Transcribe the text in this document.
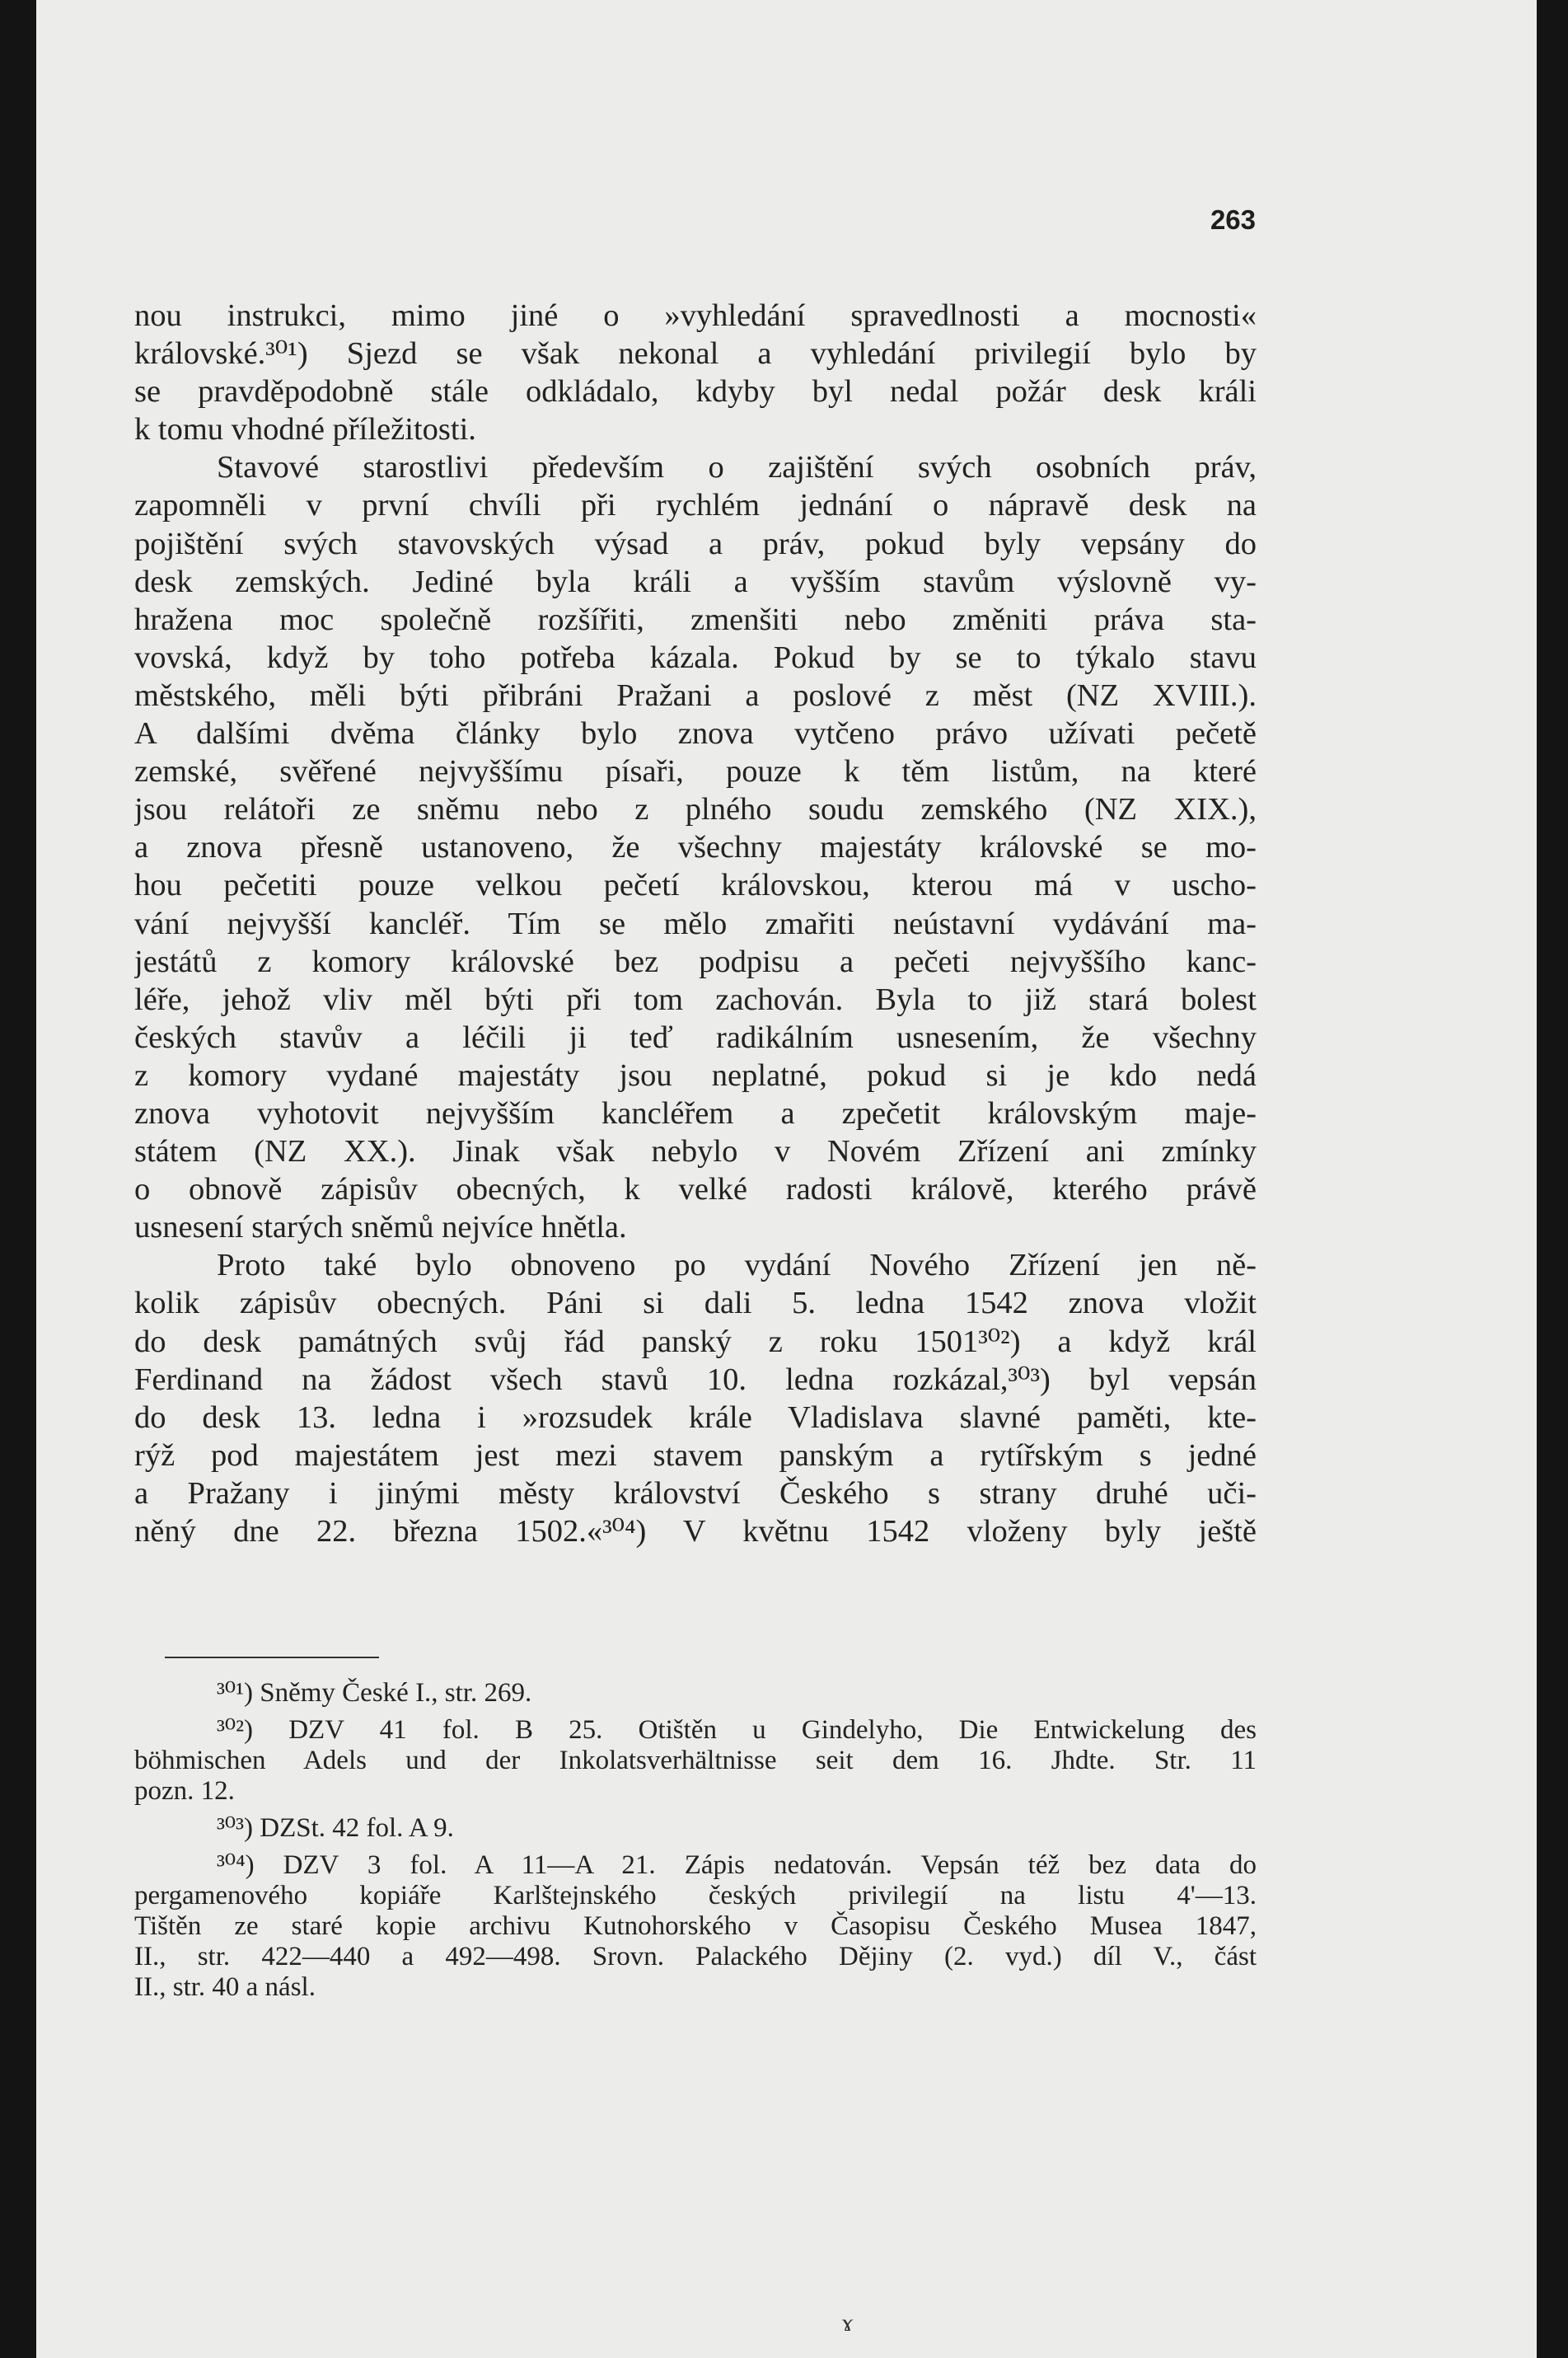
263
nou instrukci, mimo jiné o »vyhledání spravedlnosti a mocnosti«
královské.³⁰¹) Sjezd se však nekonal a vyhledání privilegií bylo by
se pravděpodobně stále odkládalo, kdyby byl nedal požár desk králi
k tomu vhodné příležitosti.
Stavové starostlivi především o zajištění svých osobních práv,
zapomněli v první chvíli při rychlém jednání o nápravě desk na
pojištění svých stavovských výsad a práv, pokud byly vepsány do
desk zemských. Jediné byla králi a vyšším stavům výslovně vy-
hražena moc společně rozšířiti, zmenšiti nebo změniti práva sta-
vovská, když by toho potřeba kázala. Pokud by se to týkalo stavu
městského, měli býti přibráni Pražani a poslové z měst (NZ XVIII.).
A dalšími dvěma články bylo znova vytčeno právo užívati pečetě
zemské, svěřené nejvyššímu písaři, pouze k těm listům, na které
jsou relátoři ze sněmu nebo z plného soudu zemského (NZ XIX.),
a znova přesně ustanoveno, že všechny majestáty královské se mo-
hou pečetiti pouze velkou pečetí královskou, kterou má v uscho-
vání nejvyšší kancléř. Tím se mělo zmařiti neústavní vydávání ma-
jestátů z komory královské bez podpisu a pečeti nejvyššího kanc-
léře, jehož vliv měl býti při tom zachován. Byla to již stará bolest
českých stavův a léčili ji teď radikálním usnesením, že všechny
z komory vydané majestáty jsou neplatné, pokud si je kdo nedá
znova vyhotovit nejvyšším kancléřem a zpečetit královským maje-
státem (NZ XX.). Jinak však nebylo v Novém Zřízení ani zmínky
o obnově zápisův obecných, k velké radosti královĕ, kterého právě
usnesení starých sněmů nejvíce hnětla.
Proto také bylo obnoveno po vydání Nového Zřízení jen ně-
kolik zápisův obecných. Páni si dali 5. ledna 1542 znova vložit
do desk památných svůj řád panský z roku 1501³⁰²) a když král
Ferdinand na žádost všech stavů 10. ledna rozkázal,³⁰³) byl vepsán
do desk 13. ledna i »rozsudek krále Vladislava slavné paměti, kte-
rýž pod majestátem jest mezi stavem panským a rytířským s jedné
a Pražany i jinými městy království Českého s strany druhé uči-
něný dne 22. března 1502.«³⁰⁴) V květnu 1542 vloženy byly ještě
³⁰¹) Sněmy České I., str. 269.
³⁰²) DZV 41 fol. B 25. Otištěn u Gindelyho, Die Entwickelung des
böhmischen Adels und der Inkolatsverhältnisse seit dem 16. Jhdte. Str. 11
pozn. 12.
³⁰³) DZSt. 42 fol. A 9.
³⁰⁴) DZV 3 fol. A 11—A 21. Zápis nedatován. Vepsán též bez data do
pergamenového kopiáře Karlštejnského českých privilegií na listu 4'—13.
Tištěn ze staré kopie archivu Kutnohorského v Časopisu Českého Musea 1847,
II., str. 422—440 a 492—498. Srovn. Palackého Dějiny (2. vyd.) díl V., část
II., str. 40 a násl.
ɤ
